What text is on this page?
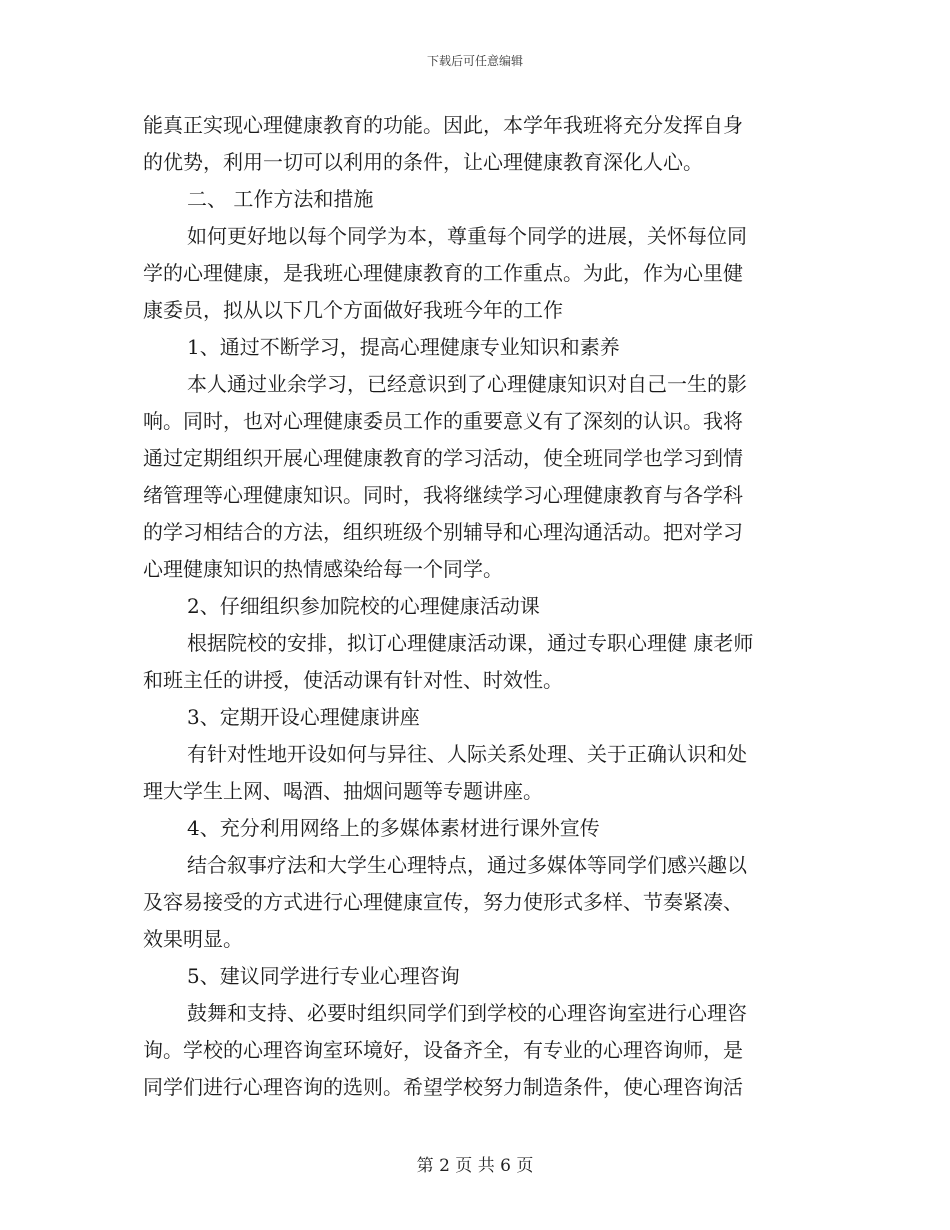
下载后可任意编辑
能真正实现心理健康教育的功能。因此，本学年我班将充分发挥自身
的优势，利用一切可以利用的条件，让心理健康教育深化人心。
二、 工作方法和措施
如何更好地以每个同学为本，尊重每个同学的进展，关怀每位同
学的心理健康，是我班心理健康教育的工作重点。为此，作为心里健
康委员，拟从以下几个方面做好我班今年的工作
1、通过不断学习，提高心理健康专业知识和素养
本人通过业余学习，已经意识到了心理健康知识对自己一生的影
响。同时，也对心理健康委员工作的重要意义有了深刻的认识。我将
通过定期组织开展心理健康教育的学习活动，使全班同学也学习到情
绪管理等心理健康知识。同时，我将继续学习心理健康教育与各学科
的学习相结合的方法，组织班级个别辅导和心理沟通活动。把对学习
心理健康知识的热情感染给每一个同学。
2、仔细组织参加院校的心理健康活动课
根据院校的安排，拟订心理健康活动课，通过专职心理健 康老师
和班主任的讲授，使活动课有针对性、时效性。
3、定期开设心理健康讲座
有针对性地开设如何与异往、人际关系处理、关于正确认识和处
理大学生上网、喝酒、抽烟问题等专题讲座。
4、充分利用网络上的多媒体素材进行课外宣传
结合叙事疗法和大学生心理特点，通过多媒体等同学们感兴趣以
及容易接受的方式进行心理健康宣传，努力使形式多样、节奏紧凑、
效果明显。
5、建议同学进行专业心理咨询
鼓舞和支持、必要时组织同学们到学校的心理咨询室进行心理咨
询。学校的心理咨询室环境好，设备齐全，有专业的心理咨询师，是
同学们进行心理咨询的选则。希望学校努力制造条件，使心理咨询活
第 2 页 共 6 页
